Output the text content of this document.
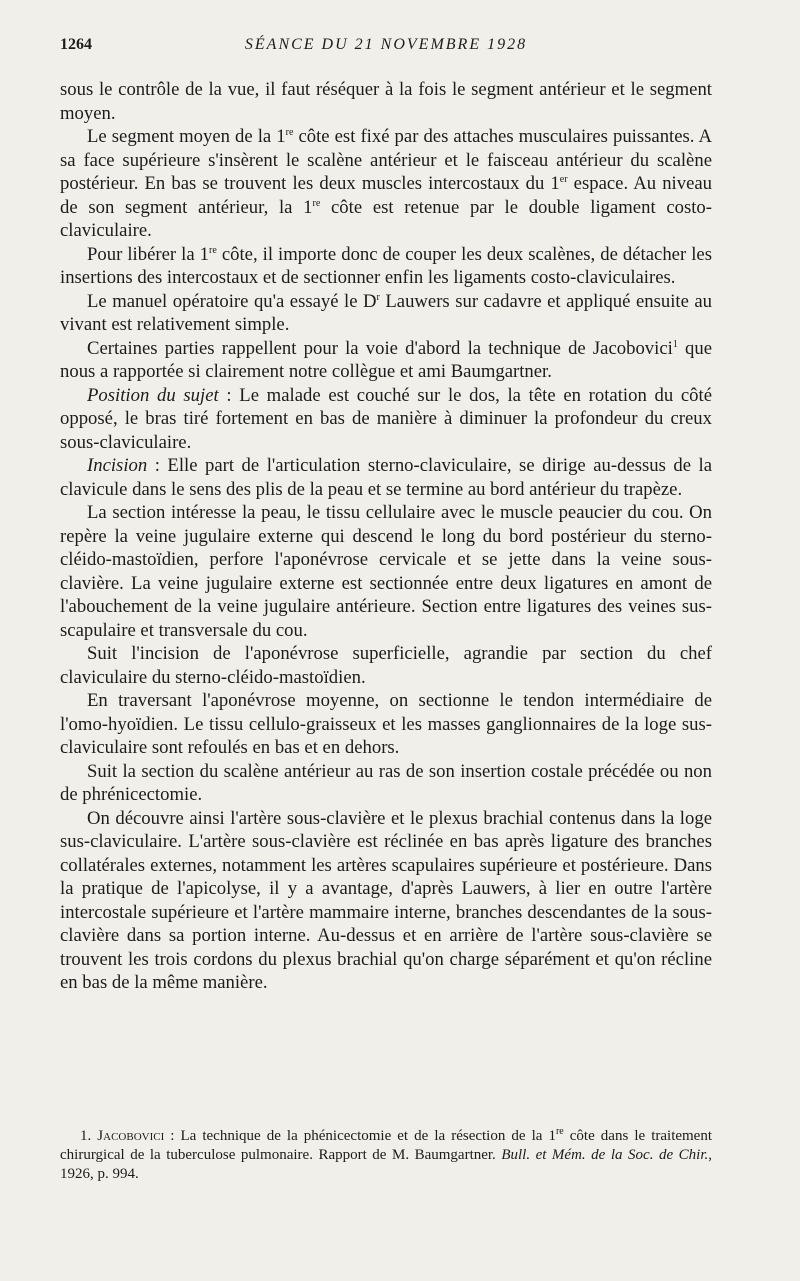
1264	SÉANCE DU 21 NOVEMBRE 1928

sous le contrôle de la vue, il faut réséquer à la fois le segment antérieur et le segment moyen.

Le segment moyen de la 1re côte est fixé par des attaches musculaires puissantes. A sa face supérieure s'insèrent le scalène antérieur et le faisceau antérieur du scalène postérieur. En bas se trouvent les deux muscles intercostaux du 1er espace. Au niveau de son segment antérieur, la 1re côte est retenue par le double ligament costo-claviculaire.

Pour libérer la 1re côte, il importe donc de couper les deux scalènes, de détacher les insertions des intercostaux et de sectionner enfin les ligaments costo-claviculaires.

Le manuel opératoire qu'a essayé le $D^r$ Lauwers sur cadavre et appliqué ensuite au vivant est relativement simple.

Certaines parties rappellent pour la voie d'abord la technique de Jacobovici$^1$ que nous a rapportée si clairement notre collègue et ami Baumgartner.

Position du sujet : Le malade est couché sur le dos, la tête en rotation du côté opposé, le bras tiré fortement en bas de manière à diminuer la profondeur du creux sous-claviculaire.

Incision : Elle part de l'articulation sterno-claviculaire, se dirige au-dessus de la clavicule dans le sens des plis de la peau et se termine au bord antérieur du trapèze.

La section intéresse la peau, le tissu cellulaire avec le muscle peaucier du cou. On repère la veine jugulaire externe qui descend le long du bord postérieur du sterno-cléido-mastoïdien, perfore l'aponévrose cervicale et se jette dans la veine sous-clavière. La veine jugulaire externe est sectionnée entre deux ligatures en amont de l'abouchement de la veine jugulaire antérieure. Section entre ligatures des veines sus-scapulaire et transversale du cou.

Suit l'incision de l'aponévrose superficielle, agrandie par section du chef claviculaire du sterno-cléido-mastoïdien.

En traversant l'aponévrose moyenne, on sectionne le tendon intermédiaire de l'omo-hyoïdien. Le tissu cellulo-graisseux et les masses ganglionnaires de la loge sus-claviculaire sont refoulés en bas et en dehors.

Suit la section du scalène antérieur au ras de son insertion costale précédée ou non de phrénicectomie.

On découvre ainsi l'artère sous-clavière et le plexus brachial contenus dans la loge sus-claviculaire. L'artère sous-clavière est réclinée en bas après ligature des branches collatérales externes, notamment les artères scapulaires supérieure et postérieure. Dans la pratique de l'apicolyse, il y a avantage, d'après Lauwers, à lier en outre l'artère intercostale supérieure et l'artère mammaire interne, branches descendantes de la sous-clavière dans sa portion interne. Au-dessus et en arrière de l'artère sous-clavière se trouvent les trois cordons du plexus brachial qu'on charge séparément et qu'on récline en bas de la même manière.

1. Jacobovici : La technique de la phénicectomie et de la résection de la 1re côte dans le traitement chirurgical de la tuberculose pulmonaire. Rapport de M. Baumgartner. Bull. et Mém. de la Soc. de Chir., 1926, p. 994.
